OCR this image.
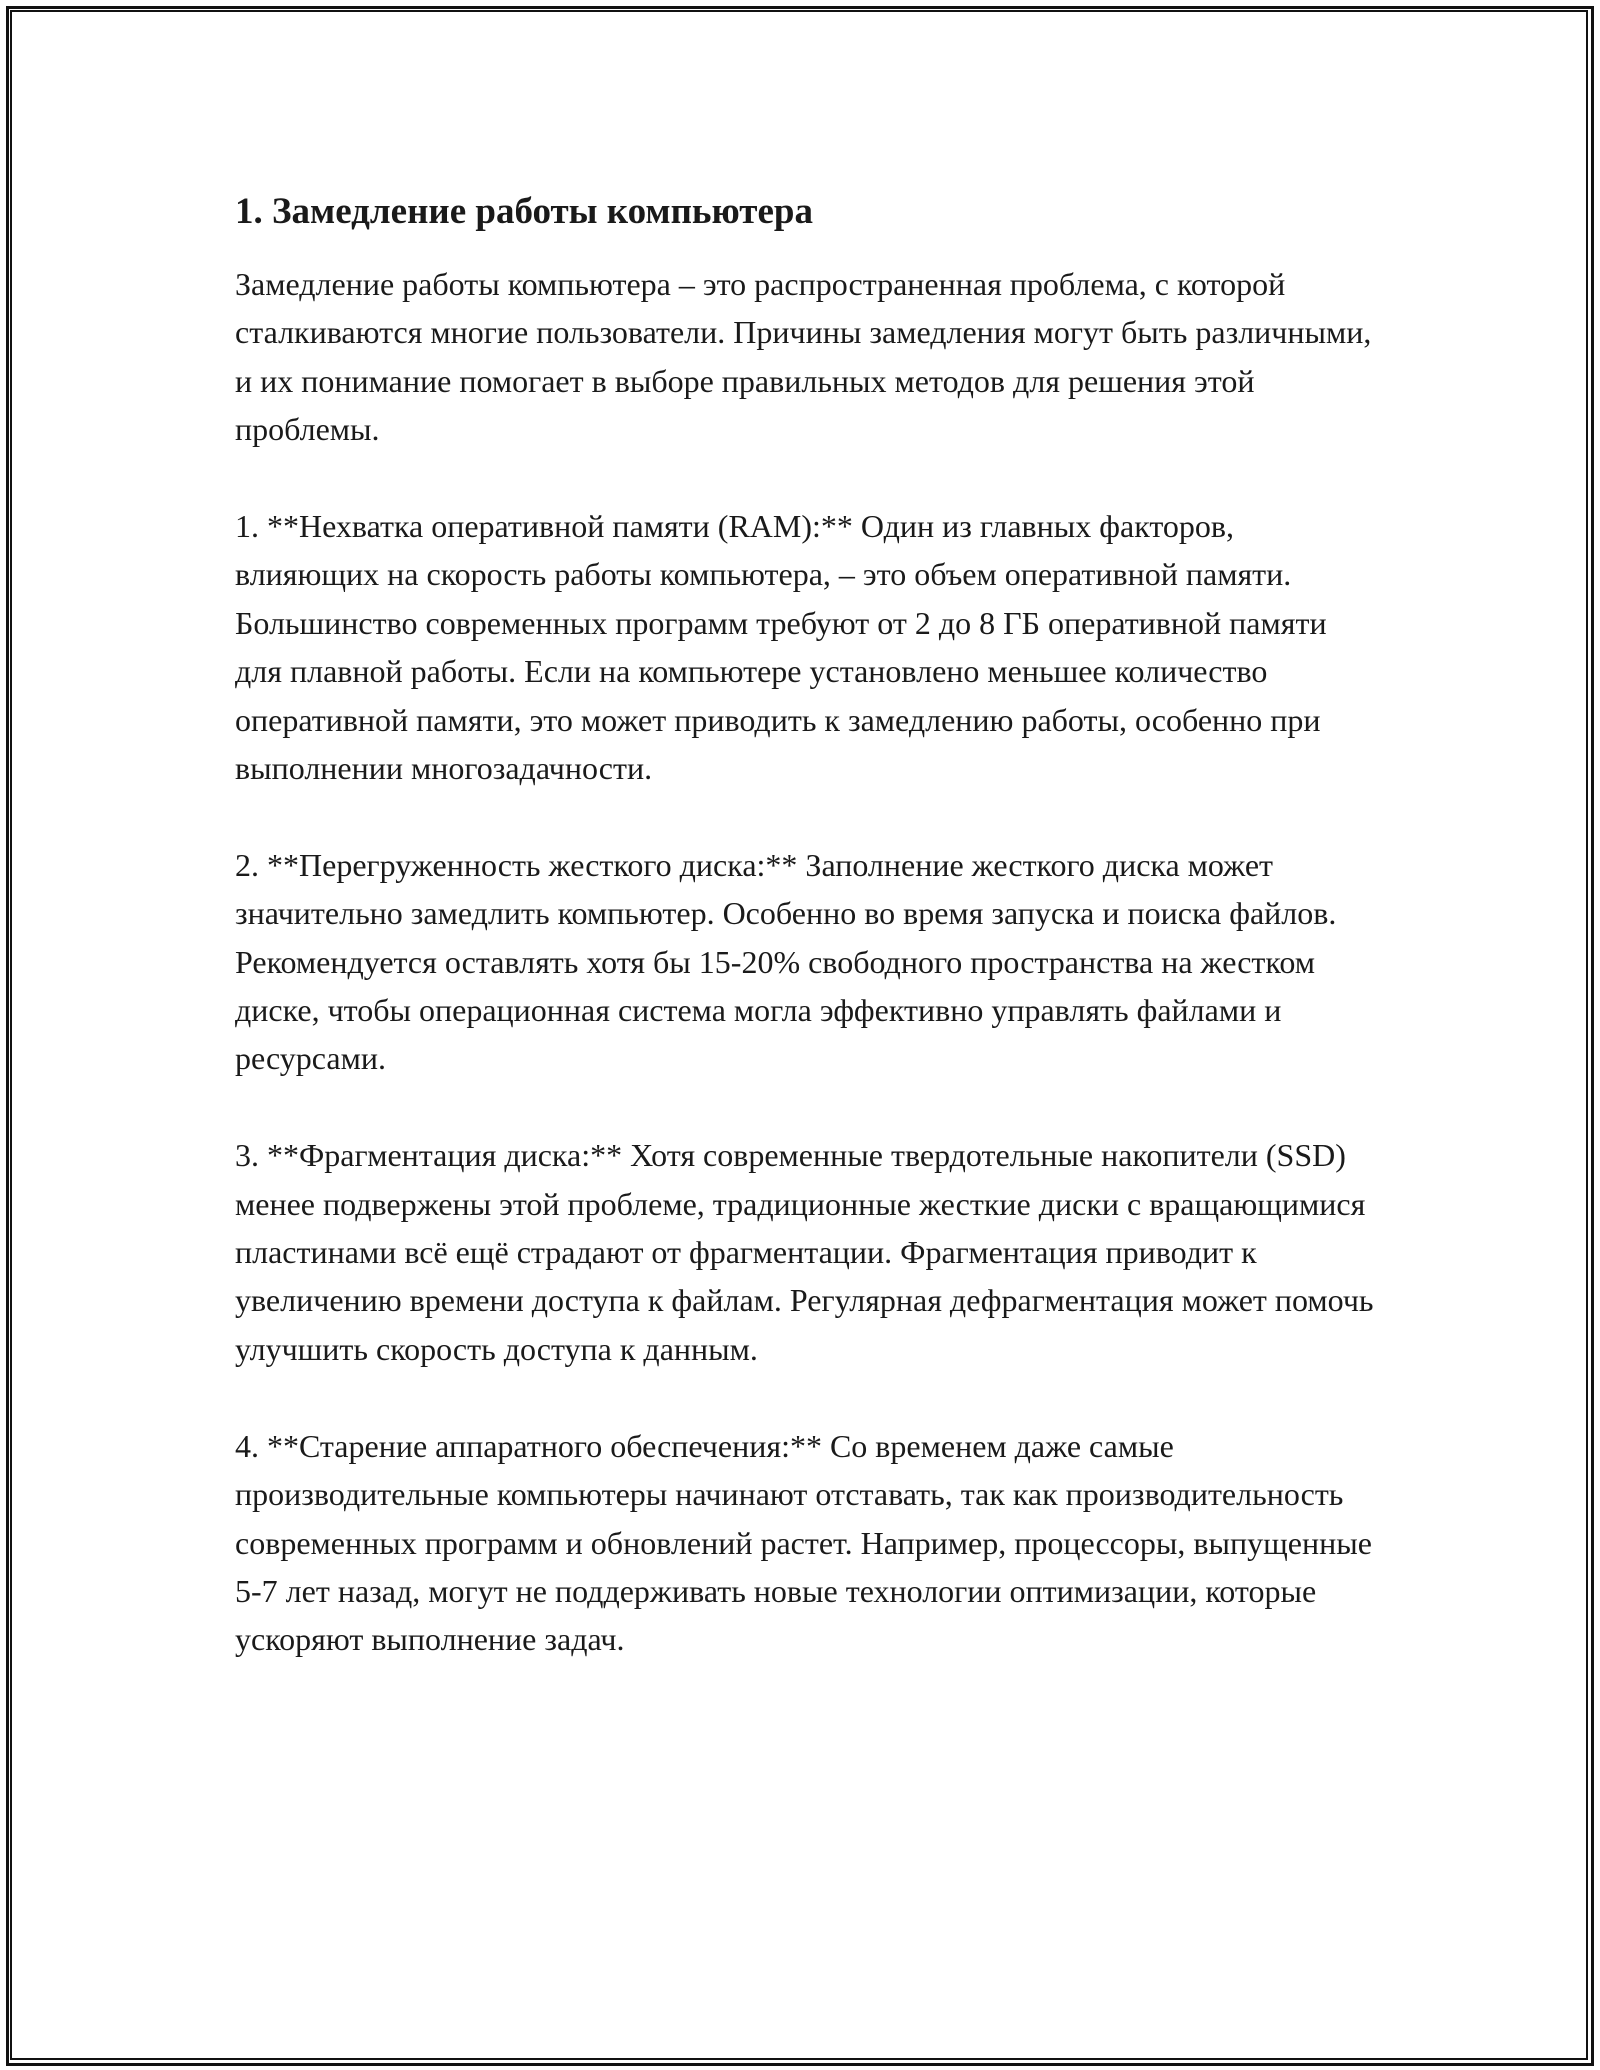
1. Замедление работы компьютера

Замедление работы компьютера – это распространенная проблема, с которой сталкиваются многие пользователи. Причины замедления могут быть различными, и их понимание помогает в выборе правильных методов для решения этой проблемы.

1. **Нехватка оперативной памяти (RAM):** Один из главных факторов, влияющих на скорость работы компьютера, – это объем оперативной памяти. Большинство современных программ требуют от 2 до 8 ГБ оперативной памяти для плавной работы. Если на компьютере установлено меньшее количество оперативной памяти, это может приводить к замедлению работы, особенно при выполнении многозадачности.

2. **Перегруженность жесткого диска:** Заполнение жесткого диска может значительно замедлить компьютер. Особенно во время запуска и поиска файлов. Рекомендуется оставлять хотя бы 15-20% свободного пространства на жестком диске, чтобы операционная система могла эффективно управлять файлами и ресурсами.

3. **Фрагментация диска:** Хотя современные твердотельные накопители (SSD) менее подвержены этой проблеме, традиционные жесткие диски с вращающимися пластинами всё ещё страдают от фрагментации. Фрагментация приводит к увеличению времени доступа к файлам. Регулярная дефрагментация может помочь улучшить скорость доступа к данным.

4. **Старение аппаратного обеспечения:** Со временем даже самые производительные компьютеры начинают отставать, так как производительность современных программ и обновлений растет. Например, процессоры, выпущенные 5-7 лет назад, могут не поддерживать новые технологии оптимизации, которые ускоряют выполнение задач.
